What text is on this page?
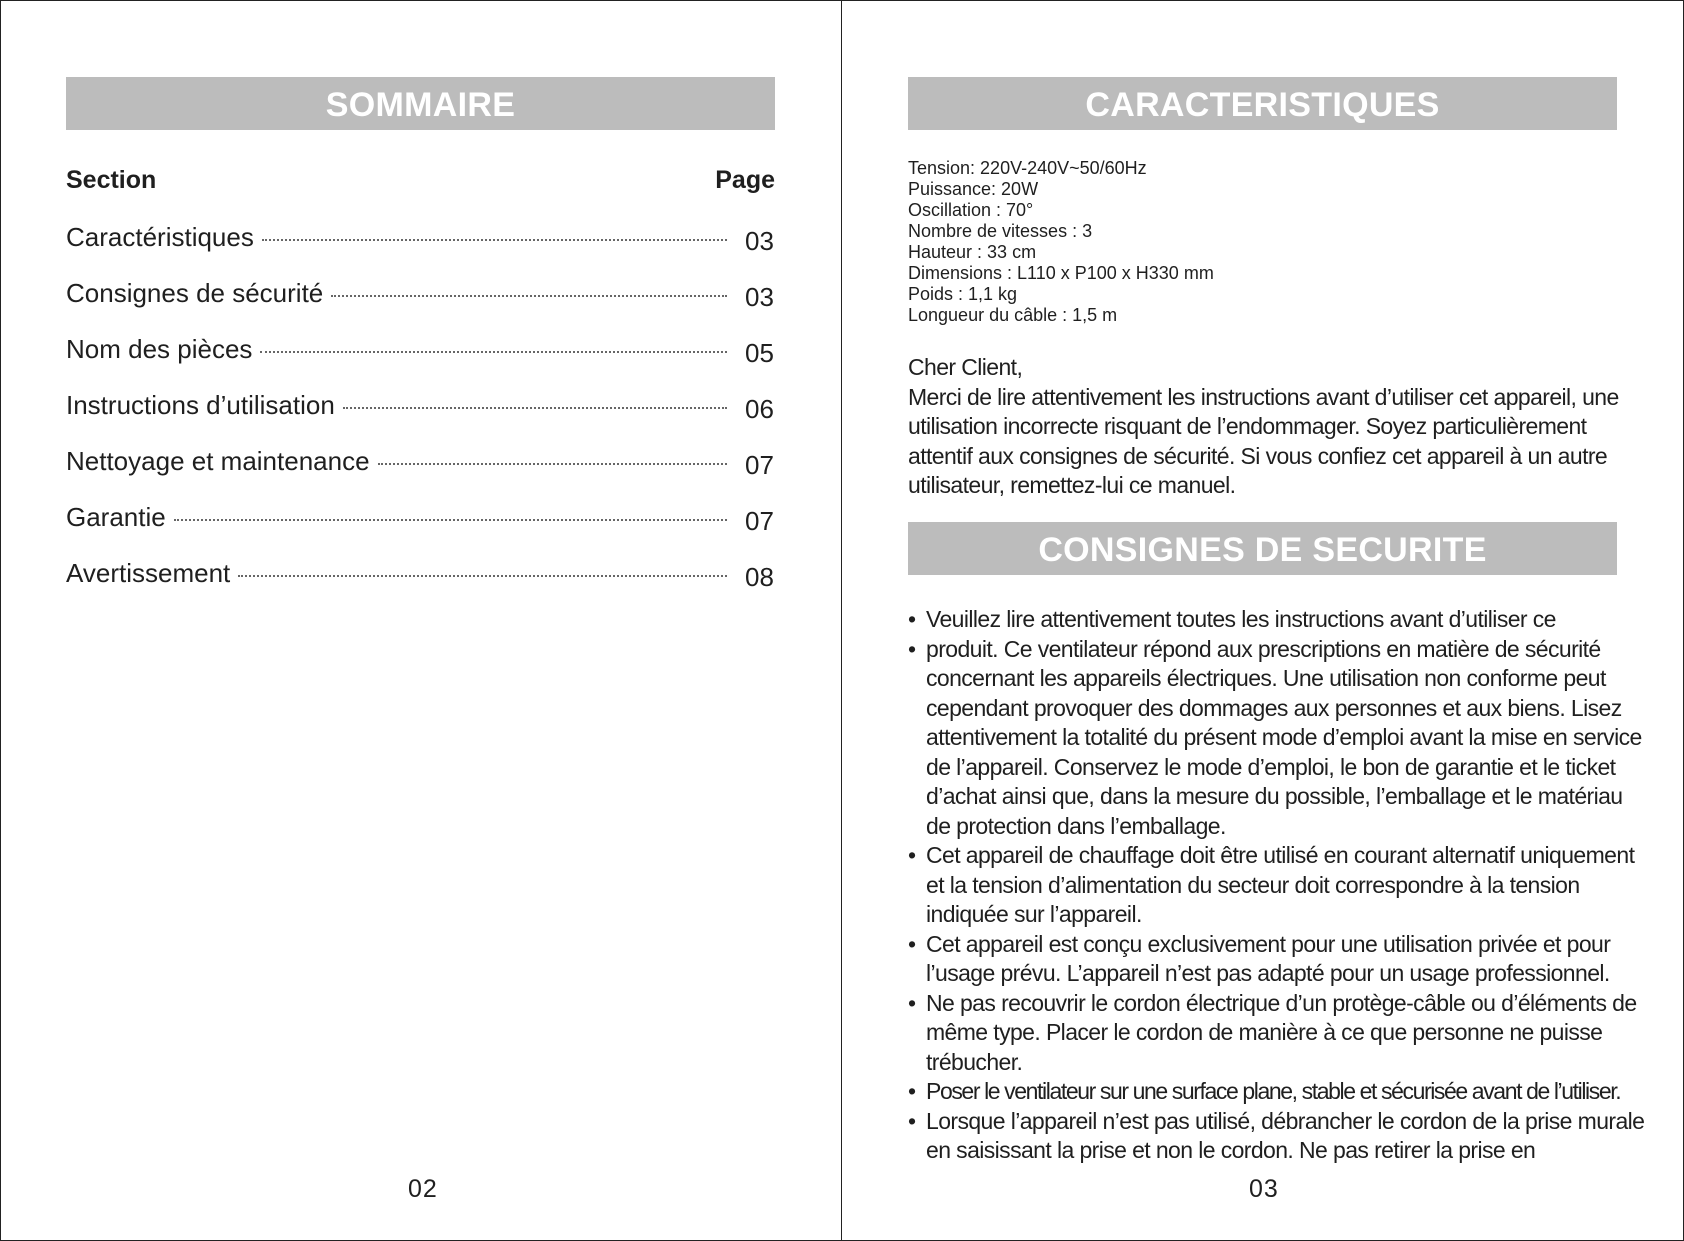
SOMMAIRE
Section	Page
Caractéristiques	03
Consignes de sécurité	03
Nom des pièces	05
Instructions d’utilisation	06
Nettoyage et maintenance	07
Garantie	07
Avertissement	08
02
CARACTERISTIQUES
Tension: 220V-240V~50/60Hz
Puissance: 20W
Oscillation : 70°
Nombre de vitesses : 3
Hauteur : 33 cm
Dimensions : L110 x P100 x H330 mm
Poids : 1,1 kg
Longueur du câble : 1,5 m

Cher Client,

Merci de lire attentivement les instructions avant d’utiliser cet appareil, une utilisation incorrecte risquant de l’endommager. Soyez particulièrement attentif aux consignes de sécurité. Si vous confiez cet appareil à un autre utilisateur, remettez-lui ce manuel.

CONSIGNES DE SECURITE
• Veuillez lire attentivement toutes les instructions avant d’utiliser ce
• produit. Ce ventilateur répond aux prescriptions en matière de sécurité concernant les appareils électriques. Une utilisation non conforme peut cependant provoquer des dommages aux personnes et aux biens. Lisez attentivement la totalité du présent mode d’emploi avant la mise en service de l’appareil. Conservez le mode d’emploi, le bon de garantie et le ticket d’achat ainsi que, dans la mesure du possible, l’emballage et le matériau de protection dans l’emballage.
• Cet appareil de chauffage doit être utilisé en courant alternatif uniquement et la tension d’alimentation du secteur doit correspondre à la tension indiquée sur l’appareil.
• Cet appareil est conçu exclusivement pour une utilisation privée et pour l’usage prévu. L’appareil n’est pas adapté pour un usage professionnel.
• Ne pas recouvrir le cordon électrique d’un protège-câble ou d’éléments de même type. Placer le cordon de manière à ce que personne ne puisse trébucher.
• Poser le ventilateur sur une surface plane, stable et sécurisée avant de l’utiliser.
• Lorsque l’appareil n’est pas utilisé, débrancher le cordon de la prise murale en saisissant la prise et non le cordon. Ne pas retirer la prise en
03
